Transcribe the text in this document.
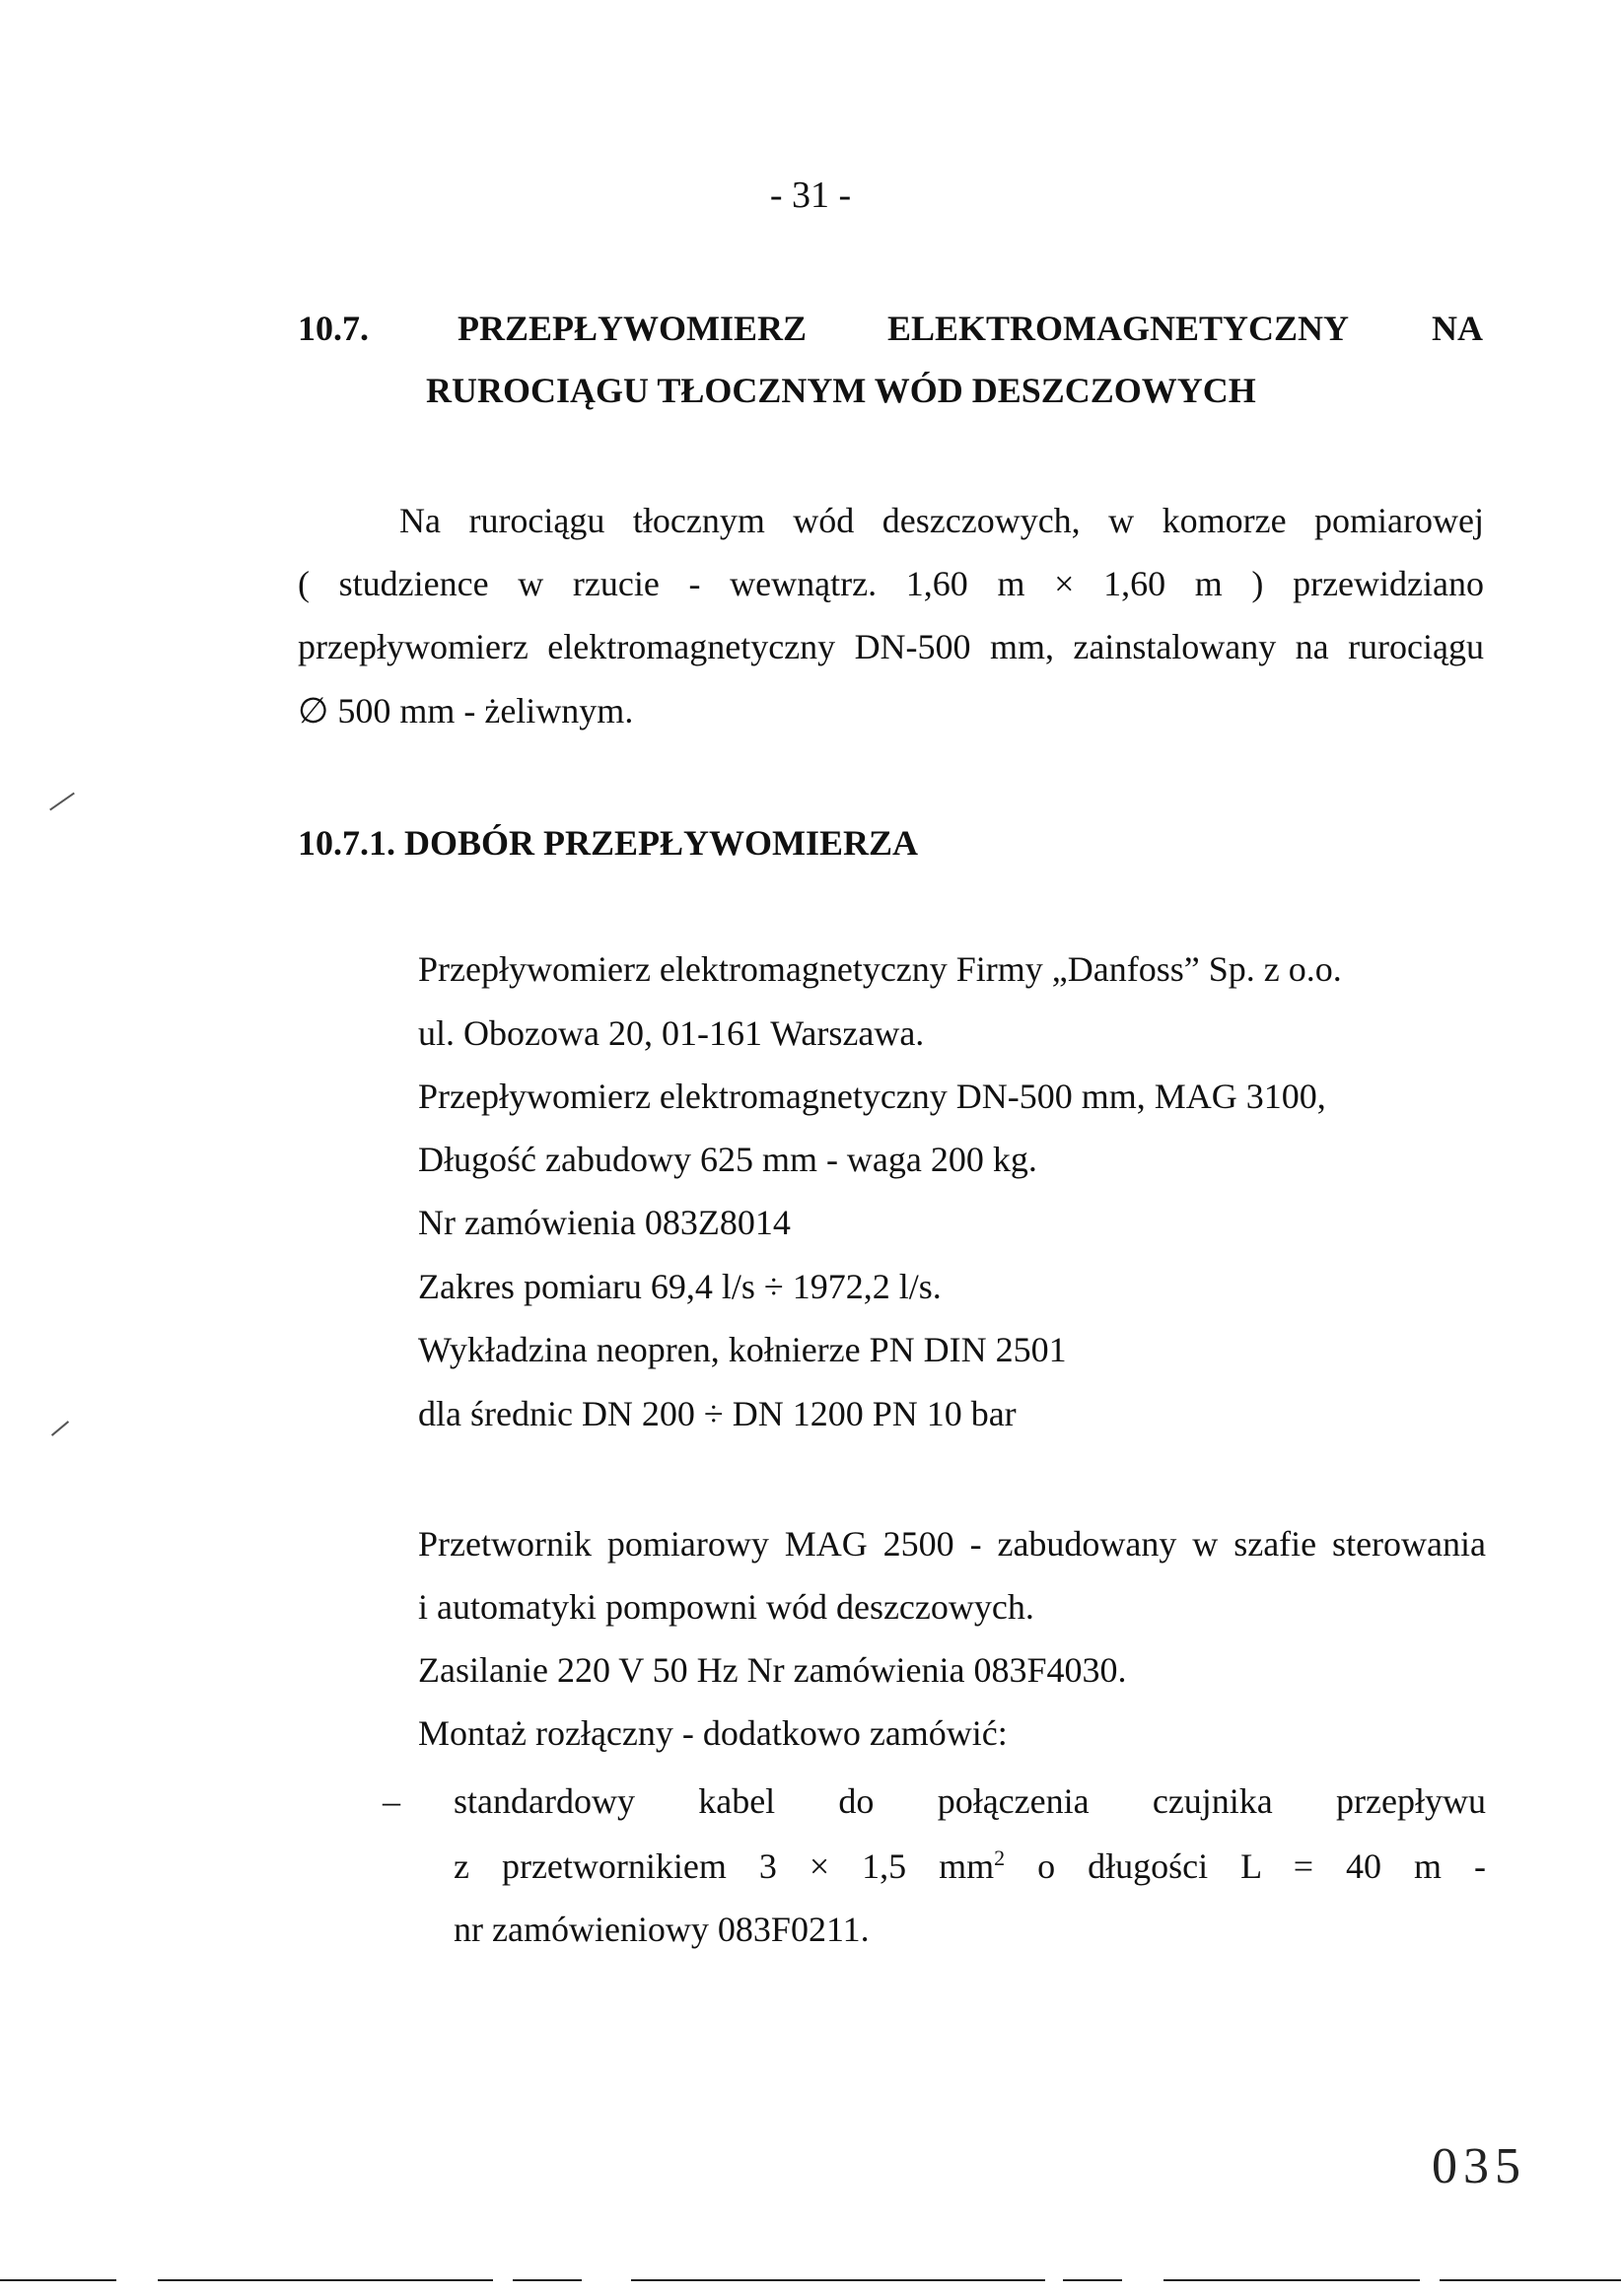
- 31 -
10.7.	PRZEPŁYWOMIERZ ELEKTROMAGNETYCZNY NA
RUROCIĄGU TŁOCZNYM WÓD DESZCZOWYCH
Na rurociągu tłocznym wód deszczowych, w komorze pomiarowej
( studzience w rzucie - wewnątrz. 1,60 m × 1,60 m ) przewidziano
przepływomierz elektromagnetyczny DN-500 mm, zainstalowany na rurociągu
∅ 500 mm - żeliwnym.
10.7.1. DOBÓR PRZEPŁYWOMIERZA
Przepływomierz elektromagnetyczny Firmy „Danfoss” Sp. z o.o.
ul. Obozowa 20, 01-161 Warszawa.
Przepływomierz elektromagnetyczny DN-500 mm, MAG 3100,
Długość zabudowy 625 mm - waga 200 kg.
Nr zamówienia 083Z8014
Zakres pomiaru 69,4 l/s ÷ 1972,2 l/s.
Wykładzina neopren, kołnierze PN DIN 2501
dla średnic DN 200 ÷ DN 1200 PN 10 bar
Przetwornik pomiarowy MAG 2500 - zabudowany w szafie sterowania
i automatyki pompowni wód deszczowych.
Zasilanie 220 V 50 Hz Nr zamówienia 083F4030.
Montaż rozłączny - dodatkowo zamówić:
– standardowy kabel do połączenia czujnika przepływu
z przetwornikiem 3 × 1,5 $mm^2$ o długości L = 40 m -
nr zamówieniowy 083F0211.
035
